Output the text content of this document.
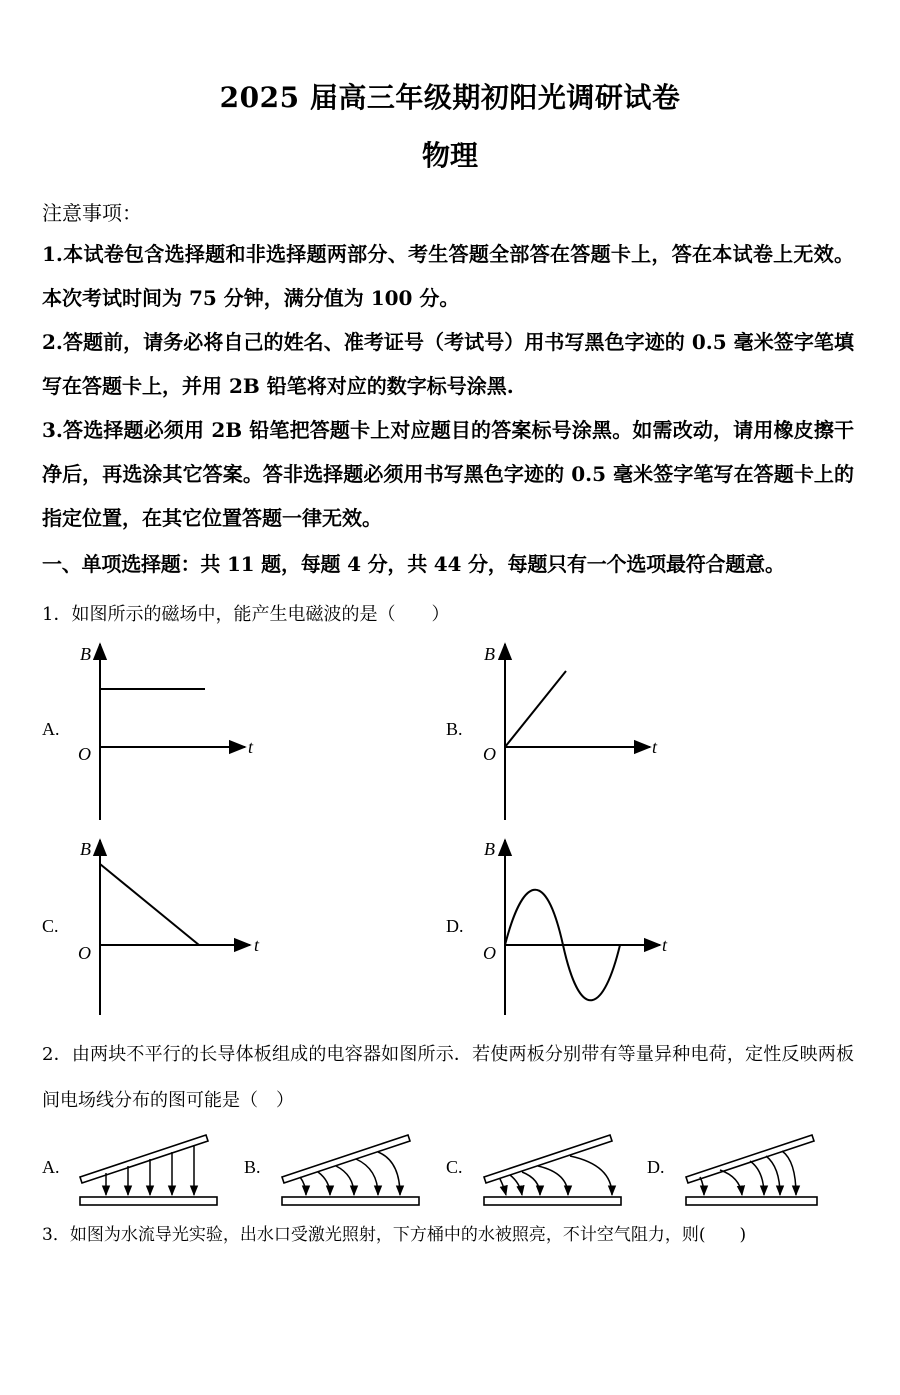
2025 届高三年级期初阳光调研试卷
物理
注意事项：
1.本试卷包含选择题和非选择题两部分、考生答题全部答在答题卡上，答在本试卷上无效。本次考试时间为 75 分钟，满分值为 100 分。
2.答题前，请务必将自己的姓名、准考证号（考试号）用书写黑色字迹的 0.5 毫米签字笔填写在答题卡上，并用 2B 铅笔将对应的数字标号涂黑.
3.答选择题必须用 2B 铅笔把答题卡上对应题目的答案标号涂黑。如需改动，请用橡皮擦干净后，再选涂其它答案。答非选择题必须用书写黑色字迹的 0.5 毫米签字笔写在答题卡上的指定位置，在其它位置答题一律无效。
一、单项选择题：共 11 题，每题 4 分，共 44 分，每题只有一个选项最符合题意。
1．如图所示的磁场中，能产生电磁波的是（　　）
A.
B
t
O
B.
B
t
O
C.
B
t
O
D.
B
t
O
2．由两块不平行的长导体板组成的电容器如图所示．若使两板分别带有等量异种电荷，定性反映两板间电场线分布的图可能是（　）
A.	B.	C.	D.
3．如图为水流导光实验，出水口受激光照射，下方桶中的水被照亮，不计空气阻力，则(　　)
